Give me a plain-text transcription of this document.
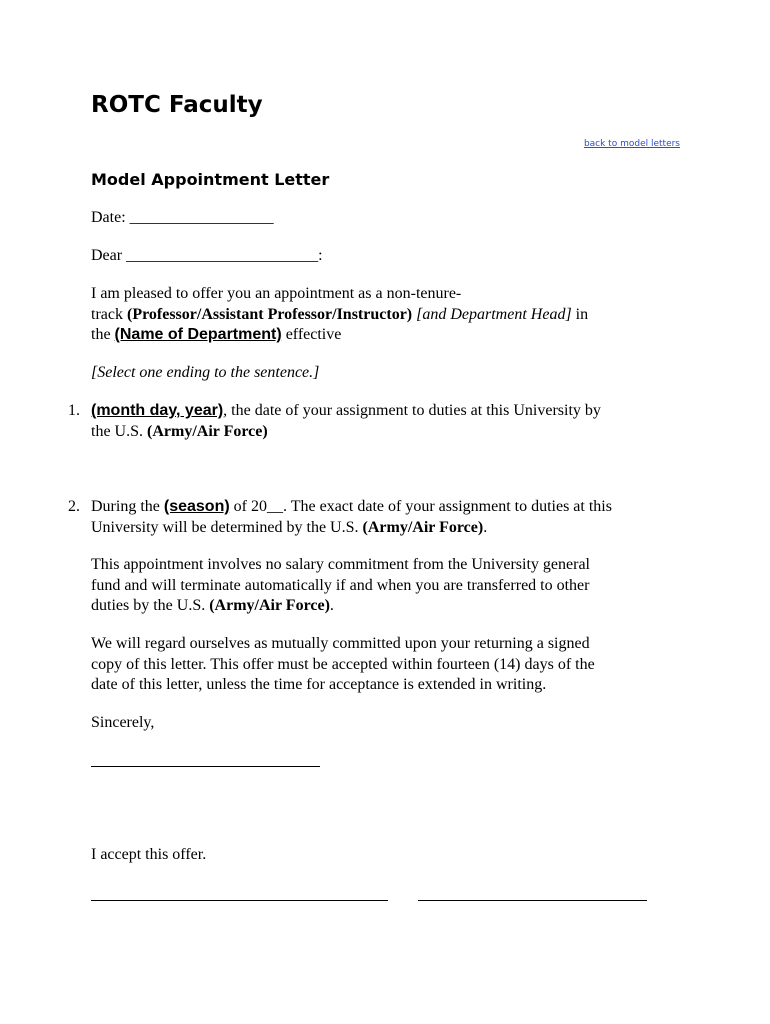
ROTC Faculty
back to model letters
Model Appointment Letter

Date: __________________

Dear ________________________:

I am pleased to offer you an appointment as a non-tenure-
track (Professor/Assistant Professor/Instructor) [and Department Head] in
the (Name of Department) effective

[Select one ending to the sentence.]

1. (month day, year), the date of your assignment to duties at this University by
the U.S. (Army/Air Force)
2. During the (season) of 20__. The exact date of your assignment to duties at this
University will be determined by the U.S. (Army/Air Force).
This appointment involves no salary commitment from the University general
fund and will terminate automatically if and when you are transferred to other
duties by the U.S. (Army/Air Force).
We will regard ourselves as mutually committed upon your returning a signed
copy of this letter. This offer must be accepted within fourteen (14) days of the
date of this letter, unless the time for acceptance is extended in writing.

Sincerely,

I accept this offer.
